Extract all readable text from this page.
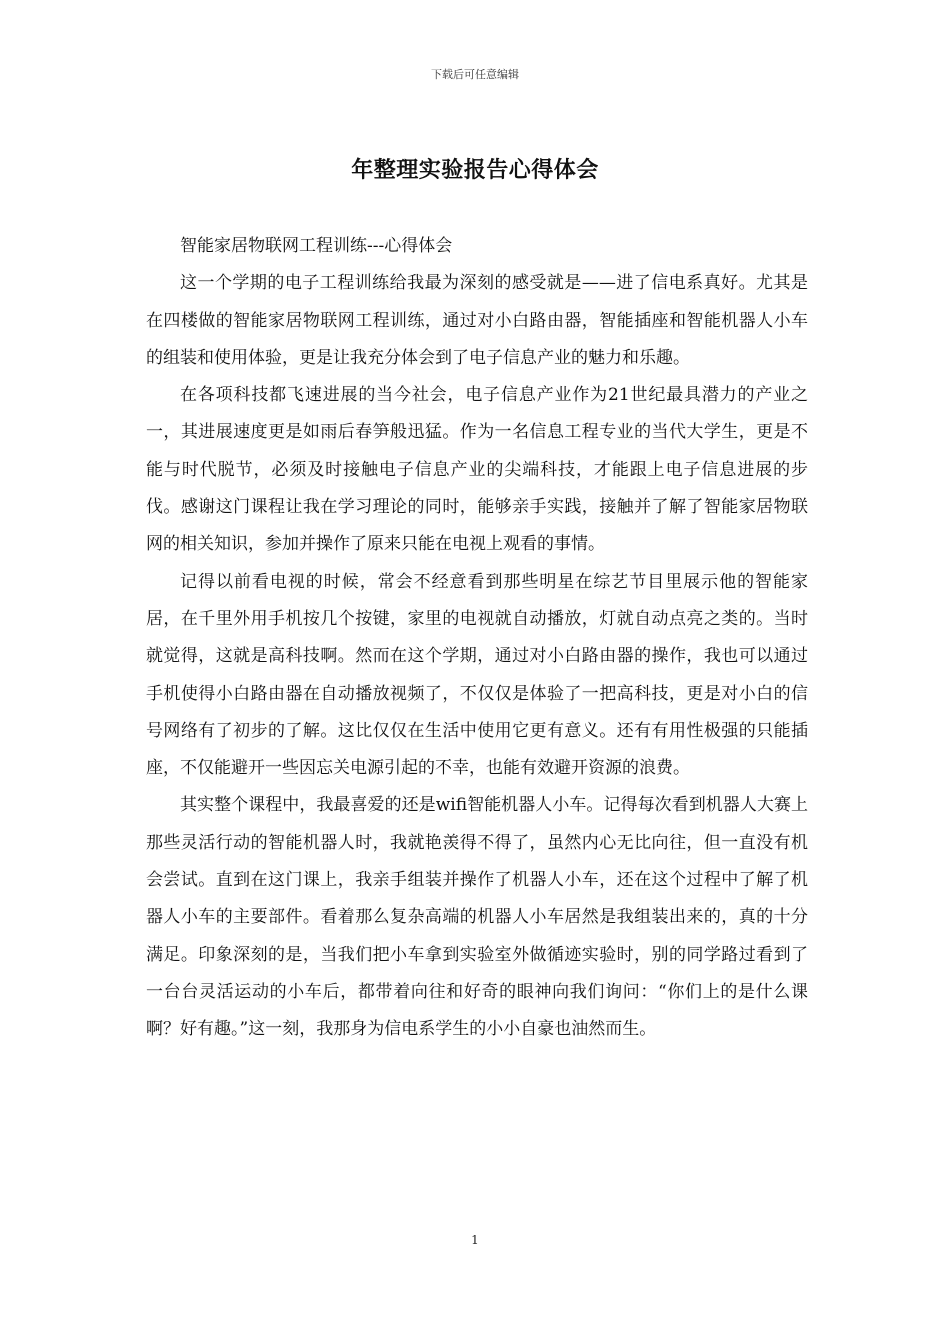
下载后可任意编辑
年整理实验报告心得体会

智能家居物联网工程训练---心得体会

这一个学期的电子工程训练给我最为深刻的感受就是——进了信电系真好。尤其是在四楼做的智能家居物联网工程训练，通过对小白路由器，智能插座和智能机器人小车的组装和使用体验，更是让我充分体会到了电子信息产业的魅力和乐趣。

在各项科技都飞速进展的当今社会，电子信息产业作为21世纪最具潜力的产业之一，其进展速度更是如雨后春笋般迅猛。作为一名信息工程专业的当代大学生，更是不能与时代脱节，必须及时接触电子信息产业的尖端科技，才能跟上电子信息进展的步伐。感谢这门课程让我在学习理论的同时，能够亲手实践，接触并了解了智能家居物联网的相关知识，参加并操作了原来只能在电视上观看的事情。

记得以前看电视的时候，常会不经意看到那些明星在综艺节目里展示他的智能家居，在千里外用手机按几个按键，家里的电视就自动播放，灯就自动点亮之类的。当时就觉得，这就是高科技啊。然而在这个学期，通过对小白路由器的操作，我也可以通过手机使得小白路由器在自动播放视频了，不仅仅是体验了一把高科技，更是对小白的信号网络有了初步的了解。这比仅仅在生活中使用它更有意义。还有有用性极强的只能插座，不仅能避开一些因忘关电源引起的不幸，也能有效避开资源的浪费。

其实整个课程中，我最喜爱的还是wifi智能机器人小车。记得每次看到机器人大赛上那些灵活行动的智能机器人时，我就艳羡得不得了，虽然内心无比向往，但一直没有机会尝试。直到在这门课上，我亲手组装并操作了机器人小车，还在这个过程中了解了机器人小车的主要部件。看着那么复杂高端的机器人小车居然是我组装出来的，真的十分满足。印象深刻的是，当我们把小车拿到实验室外做循迹实验时，别的同学路过看到了一台台灵活运动的小车后，都带着向往和好奇的眼神向我们询问：“你们上的是什么课啊？好有趣。”这一刻，我那身为信电系学生的小小自豪也油然而生。

1
